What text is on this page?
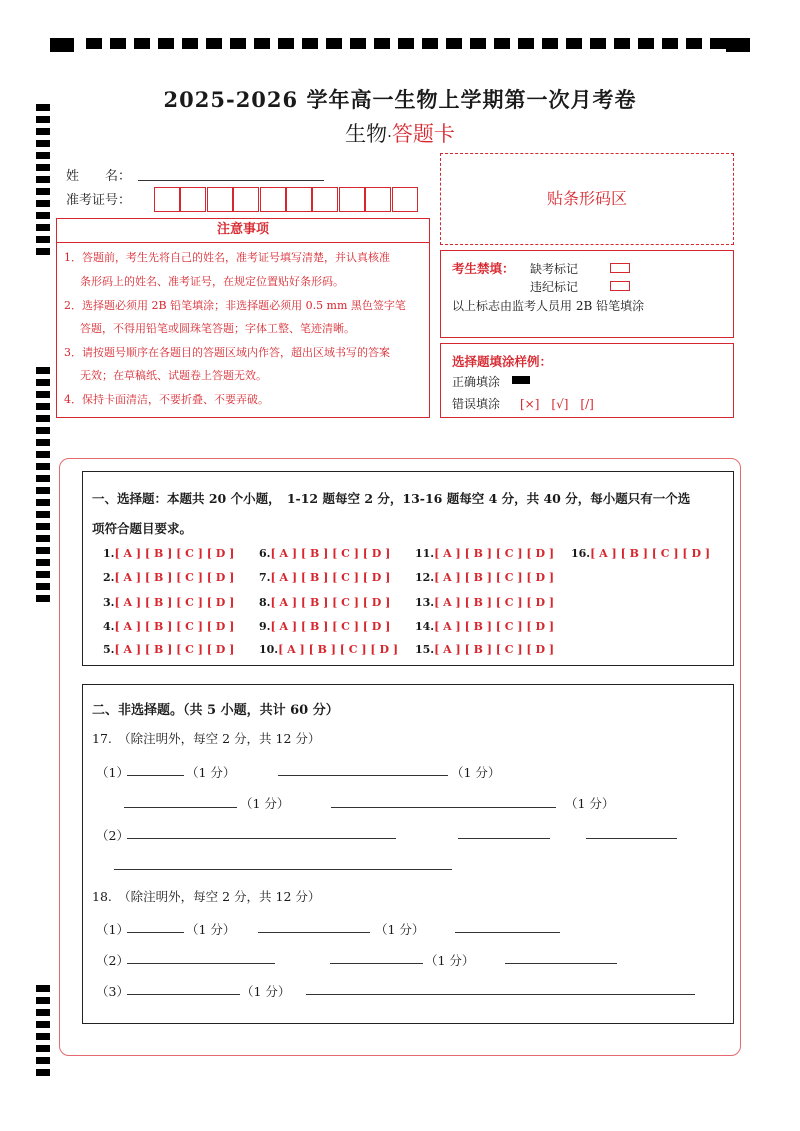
2025-2026 学年高一生物上学期第一次月考卷
生物·答题卡
姓　　名：
准考证号：	贴条形码区
注意事项
1．答题前，考生先将自己的姓名，准考证号填写清楚，并认真核准
条形码上的姓名、准考证号，在规定位置贴好条形码。
2．选择题必须用 2B 铅笔填涂；非选择题必须用 0.5 mm 黑色签字笔
答题，不得用铅笔或圆珠笔答题；字体工整、笔迹清晰。
3．请按题号顺序在各题目的答题区域内作答，超出区域书写的答案
无效；在草稿纸、试题卷上答题无效。
4．保持卡面清洁，不要折叠、不要弄破。
考生禁填： 缺考标记
违纪标记
以上标志由监考人员用 2B 铅笔填涂
选择题填涂样例：
正确填涂
错误填涂 [×]　[√]　[/]
一、选择题：本题共 20 个小题，　1-12 题每空 2 分，13-16 题每空 4 分，共 40 分，每小题只有一个选
项符合题目要求。
1.[ A ] [ B ] [ C ] [ D ]
2.[ A ] [ B ] [ C ] [ D ]
3.[ A ] [ B ] [ C ] [ D ]
4.[ A ] [ B ] [ C ] [ D ]
5.[ A ] [ B ] [ C ] [ D ]
6.[ A ] [ B ] [ C ] [ D ]
7.[ A ] [ B ] [ C ] [ D ]
8.[ A ] [ B ] [ C ] [ D ]
9.[ A ] [ B ] [ C ] [ D ]
10.[ A ] [ B ] [ C ] [ D ]
11.[ A ] [ B ] [ C ] [ D ]
12.[ A ] [ B ] [ C ] [ D ]
13.[ A ] [ B ] [ C ] [ D ]
14.[ A ] [ B ] [ C ] [ D ]
15.[ A ] [ B ] [ C ] [ D ]
16.[ A ] [ B ] [ C ] [ D ]
二、非选择题。（共 5 小题，共计 60 分）
17.　（除注明外，每空 2 分，共 12 分）
（1）	（1 分）	（1 分）
（1 分）	（1 分）
（2）
18.　（除注明外，每空 2 分，共 12 分）
（1）	（1 分）	（1 分）
（2）	（1 分）
（3）	（1 分）
